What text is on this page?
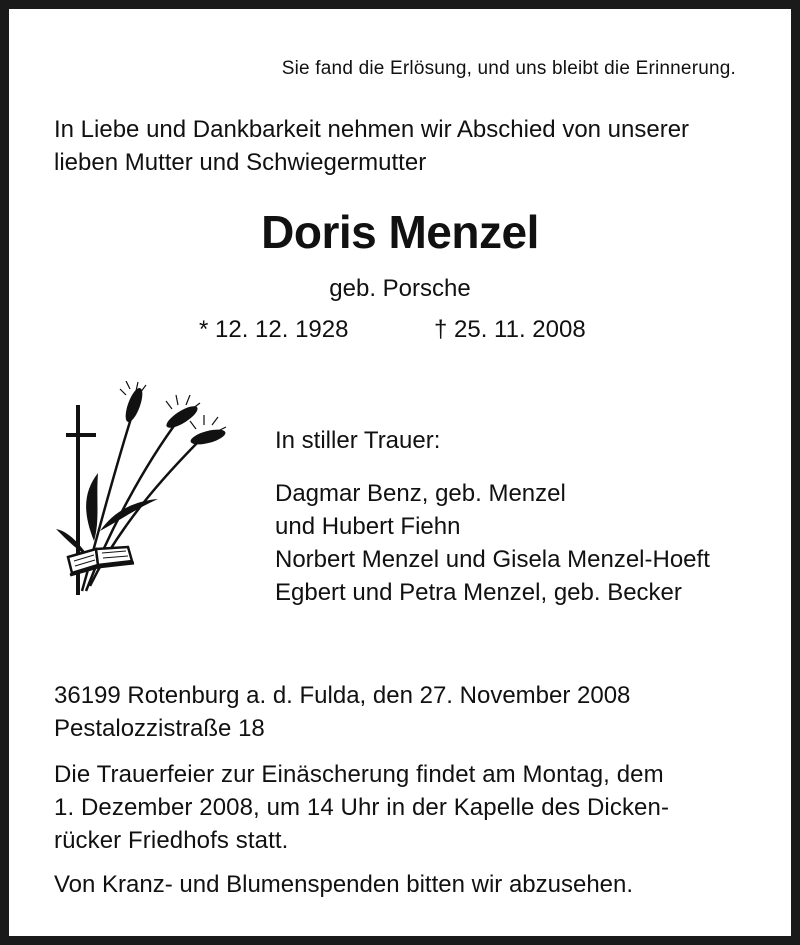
Sie fand die Erlösung, und uns bleibt die Erinnerung.
In Liebe und Dankbarkeit nehmen wir Abschied von unserer
lieben Mutter und Schwiegermutter
Doris Menzel
geb. Porsche
* 12. 12. 1928	† 25. 11. 2008
In stiller Trauer:
Dagmar Benz, geb. Menzel
und Hubert Fiehn
Norbert Menzel und Gisela Menzel-Hoeft
Egbert und Petra Menzel, geb. Becker
36199 Rotenburg a. d. Fulda, den 27. November 2008
Pestalozzistraße 18
Die Trauerfeier zur Einäscherung findet am Montag, dem
1. Dezember 2008, um 14 Uhr in der Kapelle des Dicken-
rücker Friedhofs statt.
Von Kranz- und Blumenspenden bitten wir abzusehen.
